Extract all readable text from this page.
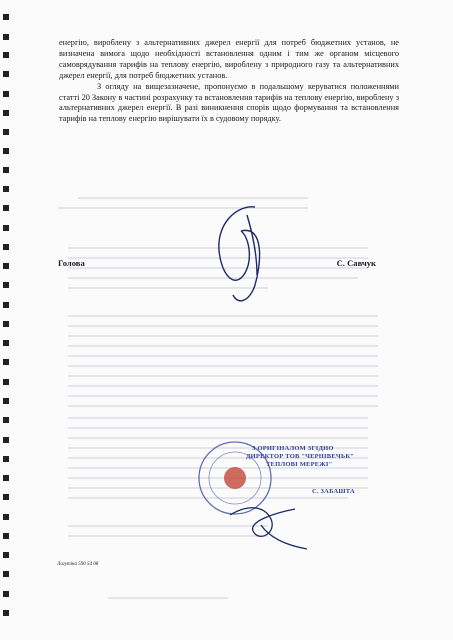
енергію, вироблену з альтернативних джерел енергії для потреб бюджетних установ, не визначена вимога щодо необхідності встановлення одним і тим же органом місцевого самоврядування тарифів на теплову енергію, вироблену з природного газу та альтернативних джерел енергії, для потреб бюджетних установ.

З огляду на вищезазначене, пропонуємо в подальшому керуватися положеннями статті 20 Закону в частині розрахунку та встановлення тарифів на теплову енергію, вироблену з альтернативних джерел енергії. В разі виникнення спорів щодо формування та встановлення тарифів на теплову енергію вирішувати їх в судовому порядку.

Голова	С. Савчук
З ОРИГІНАЛОМ ЗГІДНО
ДИРЕКТОР ТОВ "ЧЕРНІВЕЧЬК"
ТЕПЛОВІ МЕРЕЖІ"
С. ЗАБАШТА
Лагутіна 590 54 08
